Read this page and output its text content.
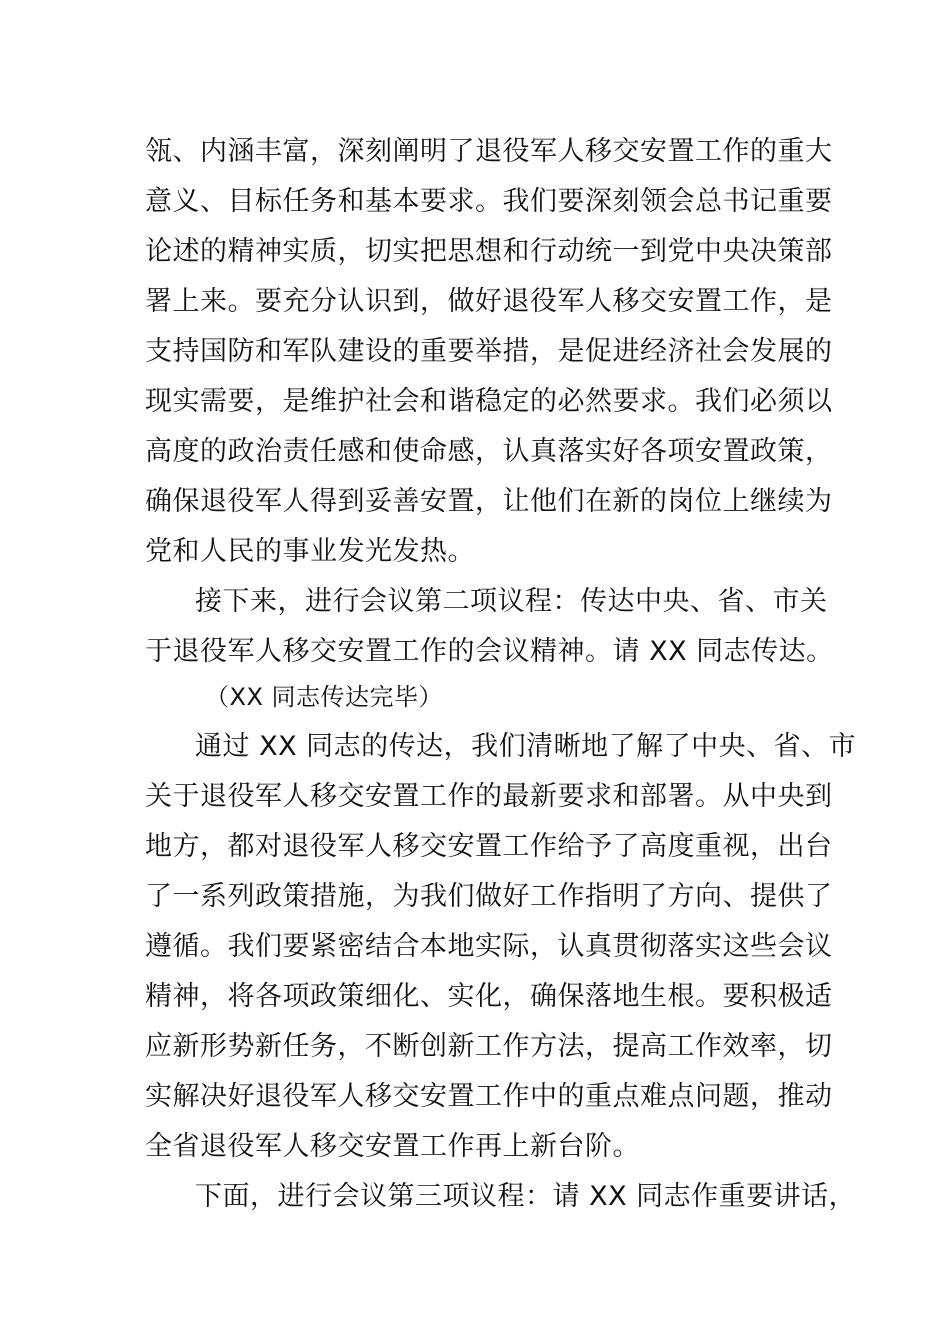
瓴、内涵丰富，深刻阐明了退役军人移交安置工作的重大
意义、目标任务和基本要求。我们要深刻领会总书记重要
论述的精神实质，切实把思想和行动统一到党中央决策部
署上来。要充分认识到，做好退役军人移交安置工作，是
支持国防和军队建设的重要举措，是促进经济社会发展的
现实需要，是维护社会和谐稳定的必然要求。我们必须以
高度的政治责任感和使命感，认真落实好各项安置政策，
确保退役军人得到妥善安置，让他们在新的岗位上继续为
党和人民的事业发光发热。
接下来，进行会议第二项议程：传达中央、省、市关
于退役军人移交安置工作的会议精神。请 XX 同志传达。
（XX 同志传达完毕）
通过 XX 同志的传达，我们清晰地了解了中央、省、市
关于退役军人移交安置工作的最新要求和部署。从中央到
地方，都对退役军人移交安置工作给予了高度重视，出台
了一系列政策措施，为我们做好工作指明了方向、提供了
遵循。我们要紧密结合本地实际，认真贯彻落实这些会议
精神，将各项政策细化、实化，确保落地生根。要积极适
应新形势新任务，不断创新工作方法，提高工作效率，切
实解决好退役军人移交安置工作中的重点难点问题，推动
全省退役军人移交安置工作再上新台阶。
下面，进行会议第三项议程：请 XX 同志作重要讲话，
